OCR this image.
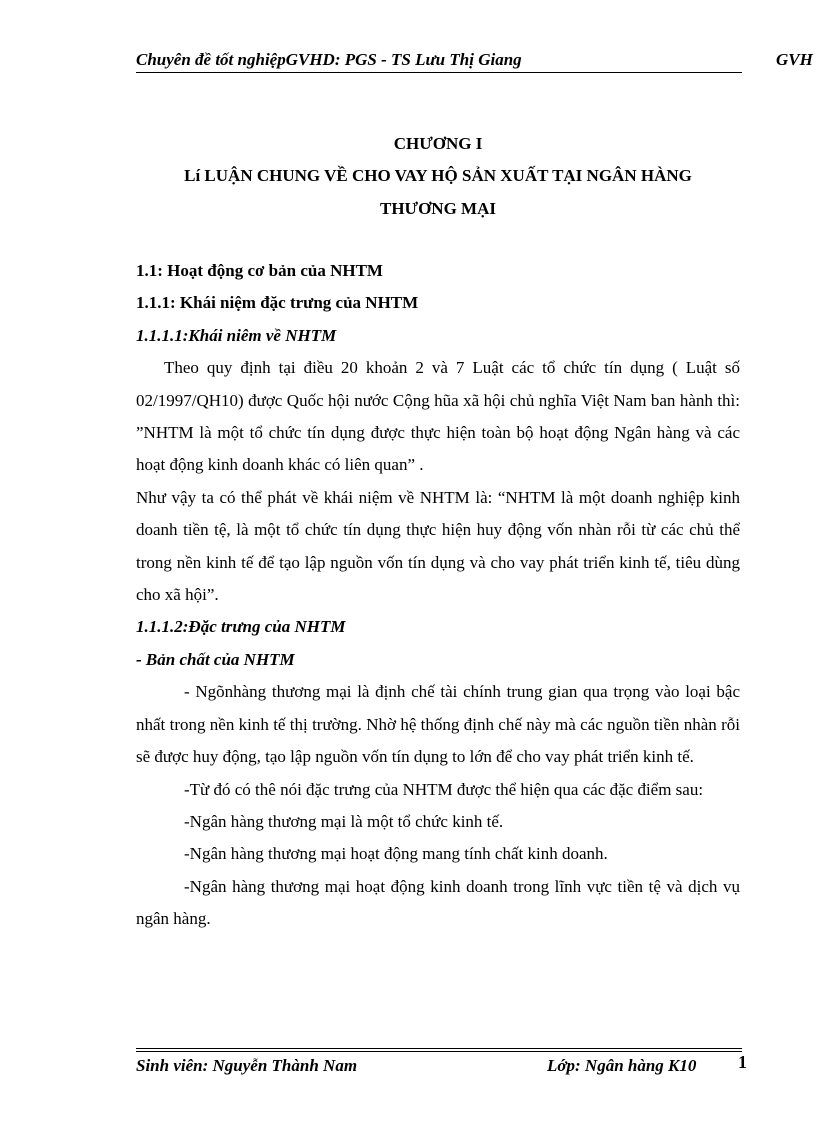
Chuyên đề tốt nghiệpGVHD: PGS - TS Lưu Thị Giang	GVH
CHƯƠNG I
Lí LUẬN CHUNG VỀ CHO VAY HỘ SẢN XUẤT TẠI NGÂN HÀNG
THƯƠNG MẠI

1.1: Hoạt động cơ bản của NHTM

1.1.1: Khái niệm đặc trưng của NHTM

1.1.1.1:Khái niêm về NHTM

Theo quy định tại điều 20 khoản 2 và 7 Luật các tổ chức tín dụng ( Luật số 02/1997/QH10) được Quốc hội nước Cộng hũa xã hội chủ nghĩa Việt Nam ban hành thì: ”NHTM là một tổ chức tín dụng được thực hiện toàn bộ hoạt động Ngân hàng và các hoạt động kinh doanh khác có liên quan” .

Như vậy ta có thể phát về khái niệm về NHTM là: “NHTM là một doanh nghiệp kinh doanh tiền tệ, là một tổ chức tín dụng thực hiện huy động vốn nhàn rỗi từ các chủ thể trong nền kinh tế để tạo lập nguồn vốn tín dụng và cho vay phát triển kinh tế, tiêu dùng cho xã hội”.

1.1.1.2:Đặc trưng của NHTM

- Bản chất của NHTM

- Ngõnhàng thương mại là định chế tài chính trung gian qua trọng vào loại bậc nhất trong nền kinh tế thị trường. Nhờ hệ thống định chế này mà các nguồn tiền nhàn rỗi sẽ được huy động, tạo lập nguồn vốn tín dụng to lớn để cho vay phát triển kinh tế.

-Từ đó có thê nói đặc trưng của NHTM được thể hiện qua các đặc điểm sau:

-Ngân hàng thương mại là một tổ chức kinh tế.

-Ngân hàng thương mại hoạt động mang tính chất kinh doanh.

-Ngân hàng thương mại hoạt động kinh doanh trong lĩnh vực tiền tệ và dịch vụ ngân hàng.

Sinh viên: Nguyễn Thành Nam	Lớp: Ngân hàng K10 1
